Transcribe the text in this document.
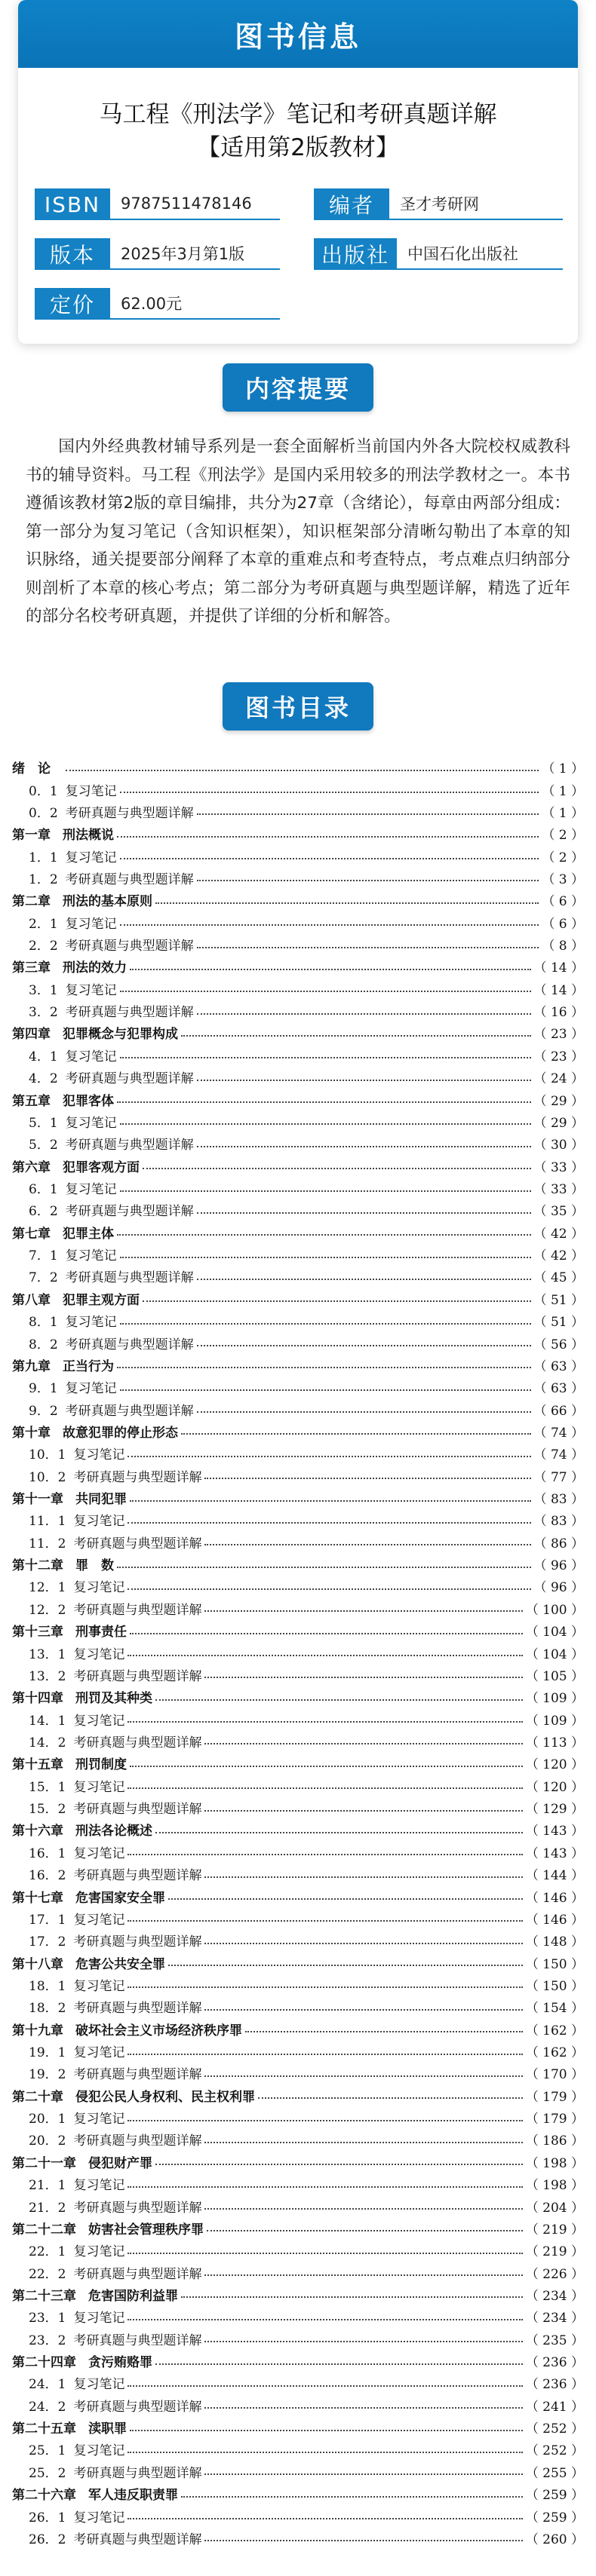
图书信息
马工程《刑法学》笔记和考研真题详解
【适用第2版教材】
ISBN	9787511478146	编者	圣才考研网
版本	2025年3月第1版	出版社	中国石化出版社
定价	62.00元
内容提要
国内外经典教材辅导系列是一套全面解析当前国内外各大院校权威教科书的辅导资料。马工程《刑法学》是国内采用较多的刑法学教材之一。本书遵循该教材第2版的章目编排，共分为27章（含绪论），每章由两部分组成：第一部分为复习笔记（含知识框架），知识框架部分清晰勾勒出了本章的知识脉络，通关提要部分阐释了本章的重难点和考查特点，考点难点归纳部分则剖析了本章的核心考点；第二部分为考研真题与典型题详解，精选了近年的部分名校考研真题，并提供了详细的分析和解答。
图书目录
绪　论	（ 1 ）
0．1 复习笔记	（ 1 ）
0．2 考研真题与典型题详解	（ 1 ）
第一章 刑法概说	（ 2 ）
1．1 复习笔记	（ 2 ）
1．2 考研真题与典型题详解	（ 3 ）
第二章 刑法的基本原则	（ 6 ）
2．1 复习笔记	（ 6 ）
2．2 考研真题与典型题详解	（ 8 ）
第三章 刑法的效力	（ 14 ）
3．1 复习笔记	（ 14 ）
3．2 考研真题与典型题详解	（ 16 ）
第四章 犯罪概念与犯罪构成	（ 23 ）
4．1 复习笔记	（ 23 ）
4．2 考研真题与典型题详解	（ 24 ）
第五章 犯罪客体	（ 29 ）
5．1 复习笔记	（ 29 ）
5．2 考研真题与典型题详解	（ 30 ）
第六章 犯罪客观方面	（ 33 ）
6．1 复习笔记	（ 33 ）
6．2 考研真题与典型题详解	（ 35 ）
第七章 犯罪主体	（ 42 ）
7．1 复习笔记	（ 42 ）
7．2 考研真题与典型题详解	（ 45 ）
第八章 犯罪主观方面	（ 51 ）
8．1 复习笔记	（ 51 ）
8．2 考研真题与典型题详解	（ 56 ）
第九章 正当行为	（ 63 ）
9．1 复习笔记	（ 63 ）
9．2 考研真题与典型题详解	（ 66 ）
第十章 故意犯罪的停止形态	（ 74 ）
10．1 复习笔记	（ 74 ）
10．2 考研真题与典型题详解	（ 77 ）
第十一章 共同犯罪	（ 83 ）
11．1 复习笔记	（ 83 ）
11．2 考研真题与典型题详解	（ 86 ）
第十二章 罪　数	（ 96 ）
12．1 复习笔记	（ 96 ）
12．2 考研真题与典型题详解	（ 100 ）
第十三章 刑事责任	（ 104 ）
13．1 复习笔记	（ 104 ）
13．2 考研真题与典型题详解	（ 105 ）
第十四章 刑罚及其种类	（ 109 ）
14．1 复习笔记	（ 109 ）
14．2 考研真题与典型题详解	（ 113 ）
第十五章 刑罚制度	（ 120 ）
15．1 复习笔记	（ 120 ）
15．2 考研真题与典型题详解	（ 129 ）
第十六章 刑法各论概述	（ 143 ）
16．1 复习笔记	（ 143 ）
16．2 考研真题与典型题详解	（ 144 ）
第十七章 危害国家安全罪	（ 146 ）
17．1 复习笔记	（ 146 ）
17．2 考研真题与典型题详解	（ 148 ）
第十八章 危害公共安全罪	（ 150 ）
18．1 复习笔记	（ 150 ）
18．2 考研真题与典型题详解	（ 154 ）
第十九章 破坏社会主义市场经济秩序罪	（ 162 ）
19．1 复习笔记	（ 162 ）
19．2 考研真题与典型题详解	（ 170 ）
第二十章 侵犯公民人身权利、民主权利罪	（ 179 ）
20．1 复习笔记	（ 179 ）
20．2 考研真题与典型题详解	（ 186 ）
第二十一章 侵犯财产罪	（ 198 ）
21．1 复习笔记	（ 198 ）
21．2 考研真题与典型题详解	（ 204 ）
第二十二章 妨害社会管理秩序罪	（ 219 ）
22．1 复习笔记	（ 219 ）
22．2 考研真题与典型题详解	（ 226 ）
第二十三章 危害国防利益罪	（ 234 ）
23．1 复习笔记	（ 234 ）
23．2 考研真题与典型题详解	（ 235 ）
第二十四章 贪污贿赂罪	（ 236 ）
24．1 复习笔记	（ 236 ）
24．2 考研真题与典型题详解	（ 241 ）
第二十五章 渎职罪	（ 252 ）
25．1 复习笔记	（ 252 ）
25．2 考研真题与典型题详解	（ 255 ）
第二十六章 军人违反职责罪	（ 259 ）
26．1 复习笔记	（ 259 ）
26．2 考研真题与典型题详解	（ 260 ）
